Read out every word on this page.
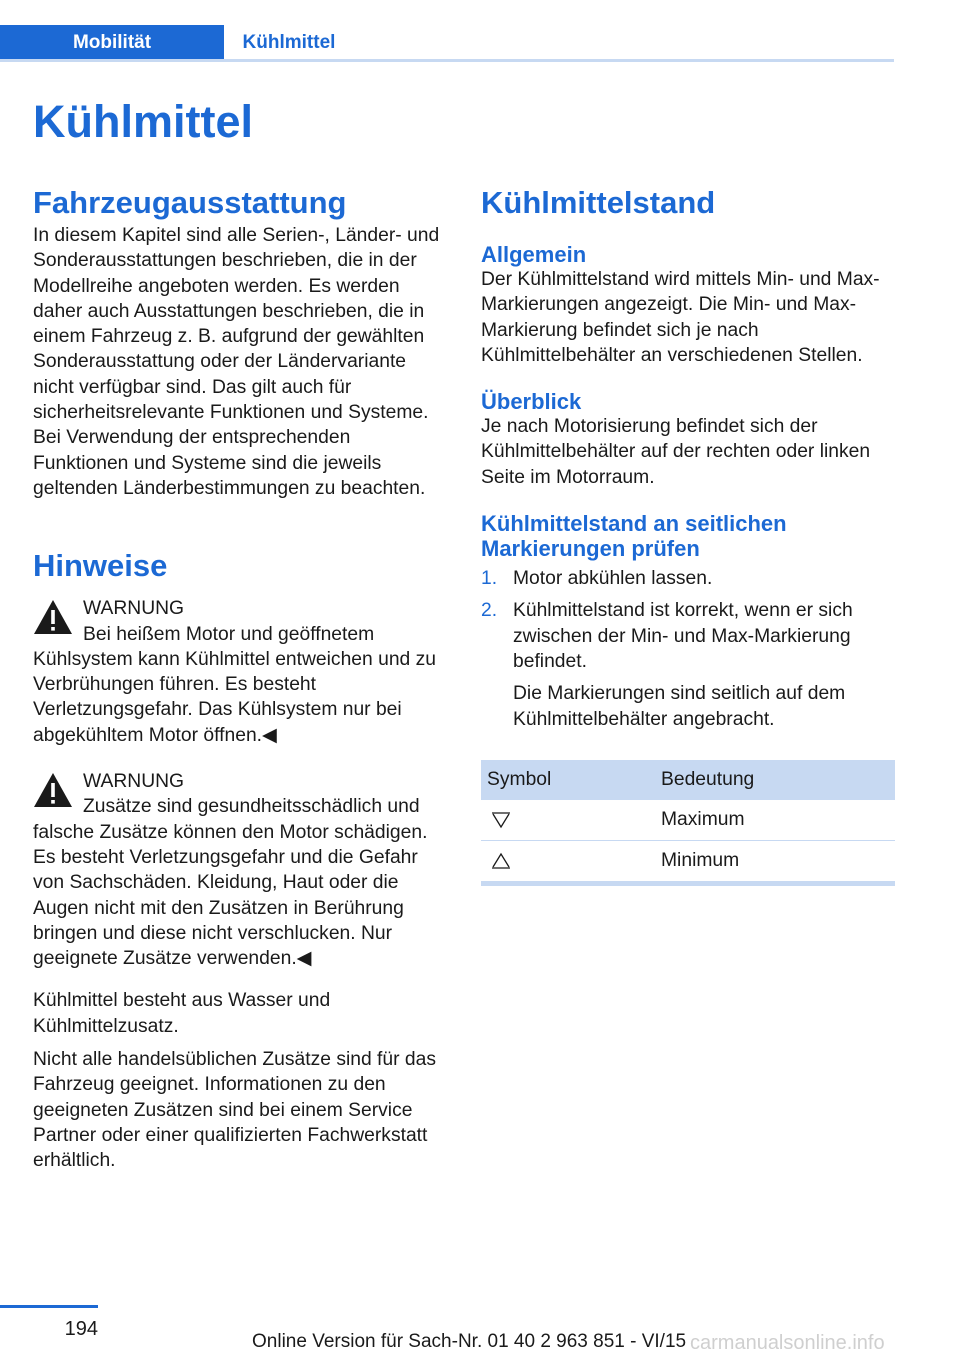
Mobilität	Kühlmittel
Kühlmittel
Fahrzeugausstattung

In diesem Kapitel sind alle Serien-, Länder- und Sonderausstattungen beschrieben, die in der Modellreihe angeboten werden. Es werden daher auch Ausstattungen beschrieben, die in einem Fahrzeug z. B. aufgrund der gewählten Sonderausstattung oder der Ländervariante nicht verfügbar sind. Das gilt auch für sicherheitsrelevante Funktionen und Systeme. Bei Verwendung der entsprechenden Funktionen und Systeme sind die jeweils geltenden Länderbestimmungen zu beachten.

Hinweise
WARNUNG
Bei heißem Motor und geöffnetem Kühlsystem kann Kühlmittel entweichen und zu Verbrühungen führen. Es besteht Verletzungsgefahr. Das Kühlsystem nur bei abgekühltem Motor öffnen.◀
WARNUNG
Zusätze sind gesundheitsschädlich und falsche Zusätze können den Motor schädigen. Es besteht Verletzungsgefahr und die Gefahr von Sachschäden. Kleidung, Haut oder die Augen nicht mit den Zusätzen in Berührung bringen und diese nicht verschlucken. Nur geeignete Zusätze verwenden.◀

Kühlmittel besteht aus Wasser und Kühlmittelzusatz.

Nicht alle handelsüblichen Zusätze sind für das Fahrzeug geeignet. Informationen zu den geeigneten Zusätzen sind bei einem Service Partner oder einer qualifizierten Fachwerkstatt erhältlich.

Kühlmittelstand
Allgemein

Der Kühlmittelstand wird mittels Min- und Max-Markierungen angezeigt. Die Min- und Max-Markierung befindet sich je nach Kühlmittelbehälter an verschiedenen Stellen.

Überblick

Je nach Motorisierung befindet sich der Kühlmittelbehälter auf der rechten oder linken Seite im Motorraum.

Kühlmittelstand an seitlichen Markierungen prüfen
1. Motor abkühlen lassen.
2. Kühlmittelstand ist korrekt, wenn er sich zwischen der Min- und Max-Markierung befindet.
Die Markierungen sind seitlich auf dem Kühlmittelbehälter angebracht.
Symbol	Bedeutung
	Maximum
	Minimum
194
Online Version für Sach-Nr. 01 40 2 963 851 - VI/15 carmanualsonline.info
